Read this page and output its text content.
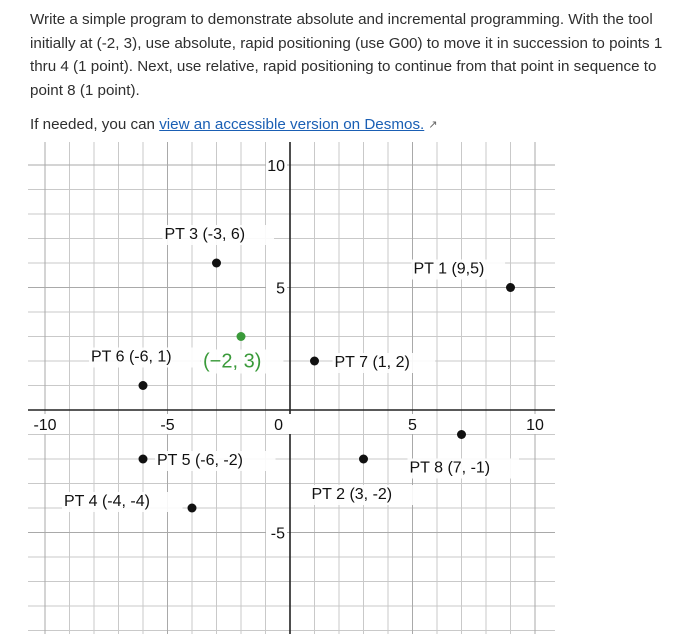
Write a simple program to demonstrate absolute and incremental programming. With the tool initially at (-2, 3), use absolute, rapid positioning (use G00) to move it in succession to points 1 thru 4 (1 point). Next, use relative, rapid positioning to continue from that point in sequence to point 8 (1 point).

If needed, you can view an accessible version on Desmos. ↗
-10	-5	0	5	10
10
5
-5
PT 1 (9,5)
PT 2 (3, -2)
PT 3 (-3, 6)
PT 4 (-4, -4)
PT 5 (-6, -2)
PT 6 (-6, 1)	PT 7 (1, 2)
PT 8 (7, -1)
(−2, 3)
